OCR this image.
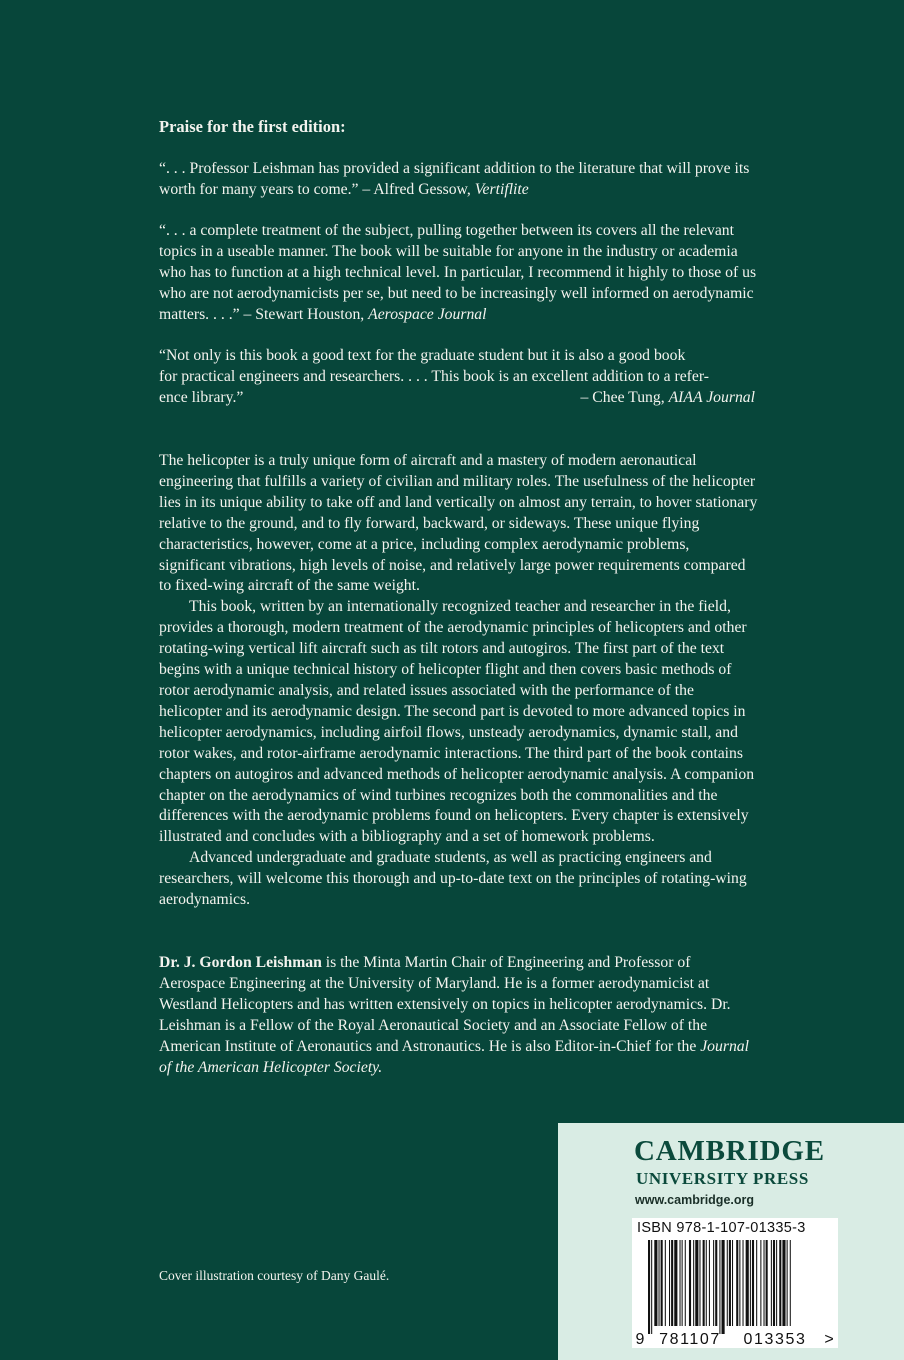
Praise for the first edition:

“. . . Professor Leishman has provided a significant addition to the literature that will prove its worth for many years to come.” – Alfred Gessow, Vertiflite

“. . . a complete treatment of the subject, pulling together between its covers all the relevant topics in a useable manner. The book will be suitable for anyone in the industry or academia who has to function at a high technical level. In particular, I recommend it highly to those of us who are not aerodynamicists per se, but need to be increasingly well informed on aerodynamic matters. . . .” – Stewart Houston, Aerospace Journal

“Not only is this book a good text for the graduate student but it is also a good book
for practical engineers and researchers. . . . This book is an excellent addition to a refer-
ence library.”	– Chee Tung, AIAA Journal

The helicopter is a truly unique form of aircraft and a mastery of modern aeronautical engineering that fulfills a variety of civilian and military roles. The usefulness of the helicopter lies in its unique ability to take off and land vertically on almost any terrain, to hover stationary relative to the ground, and to fly forward, backward, or sideways. These unique flying characteristics, however, come at a price, including complex aerodynamic problems, significant vibrations, high levels of noise, and relatively large power requirements compared to fixed-wing aircraft of the same weight.

This book, written by an internationally recognized teacher and researcher in the field, provides a thorough, modern treatment of the aerodynamic principles of helicopters and other rotating-wing vertical lift aircraft such as tilt rotors and autogiros. The first part of the text begins with a unique technical history of helicopter flight and then covers basic methods of rotor aerodynamic analysis, and related issues associated with the performance of the helicopter and its aerodynamic design. The second part is devoted to more advanced topics in helicopter aerodynamics, including airfoil flows, unsteady aerodynamics, dynamic stall, and rotor wakes, and rotor-airframe aerodynamic interactions. The third part of the book contains chapters on autogiros and advanced methods of helicopter aerodynamic analysis. A companion chapter on the aerodynamics of wind turbines recognizes both the commonalities and the differences with the aerodynamic problems found on helicopters. Every chapter is extensively illustrated and concludes with a bibliography and a set of homework problems.

Advanced undergraduate and graduate students, as well as practicing engineers and researchers, will welcome this thorough and up-to-date text on the principles of rotating-wing aerodynamics.

Dr. J. Gordon Leishman is the Minta Martin Chair of Engineering and Professor of Aerospace Engineering at the University of Maryland. He is a former aerodynamicist at Westland Helicopters and has written extensively on topics in helicopter aerodynamics. Dr. Leishman is a Fellow of the Royal Aeronautical Society and an Associate Fellow of the American Institute of Aeronautics and Astronautics. He is also Editor-in-Chief for the Journal of the American Helicopter Society.

Cover illustration courtesy of Dany Gaulé.
CAMBRIDGE
UNIVERSITY PRESS
www.cambridge.org
ISBN 978-1-107-01335-3
9 781107 013353 >
